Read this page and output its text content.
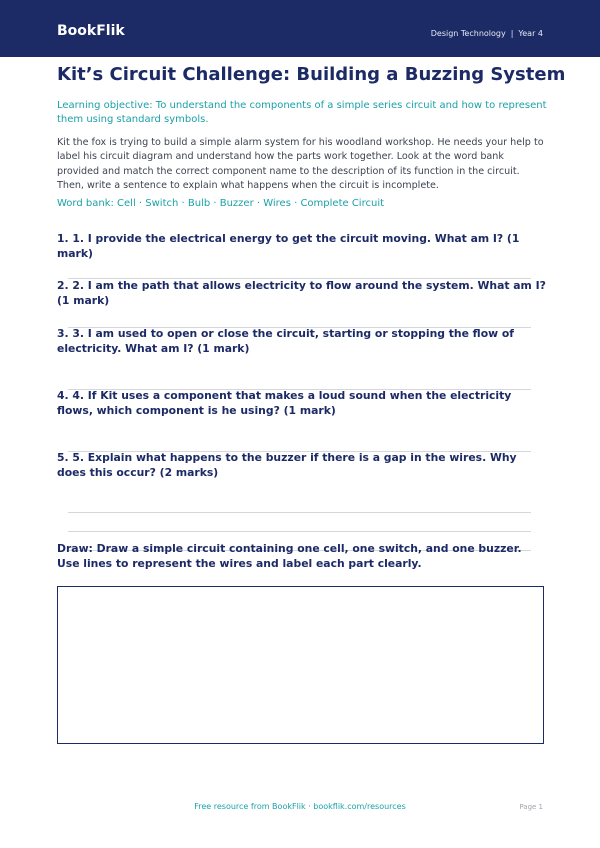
BookFlik	Design Technology | Year 4
Kit’s Circuit Challenge: Building a Buzzing System

Learning objective: To understand the components of a simple series circuit and how to represent them using standard symbols.

Kit the fox is trying to build a simple alarm system for his woodland workshop. He needs your help to label his circuit diagram and understand how the parts work together. Look at the word bank provided and match the correct component name to the description of its function in the circuit. Then, write a sentence to explain what happens when the circuit is incomplete.

Word bank: Cell · Switch · Bulb · Buzzer · Wires · Complete Circuit

1. 1. I provide the electrical energy to get the circuit moving. What am I? (1 mark)

2. 2. I am the path that allows electricity to flow around the system. What am I? (1 mark)

3. 3. I am used to open or close the circuit, starting or stopping the flow of electricity. What am I? (1 mark)

4. 4. If Kit uses a component that makes a loud sound when the electricity flows, which component is he using? (1 mark)

5. 5. Explain what happens to the buzzer if there is a gap in the wires. Why does this occur? (2 marks)

Draw: Draw a simple circuit containing one cell, one switch, and one buzzer. Use lines to represent the wires and label each part clearly.

Free resource from BookFlik · bookflik.com/resources	Page 1
